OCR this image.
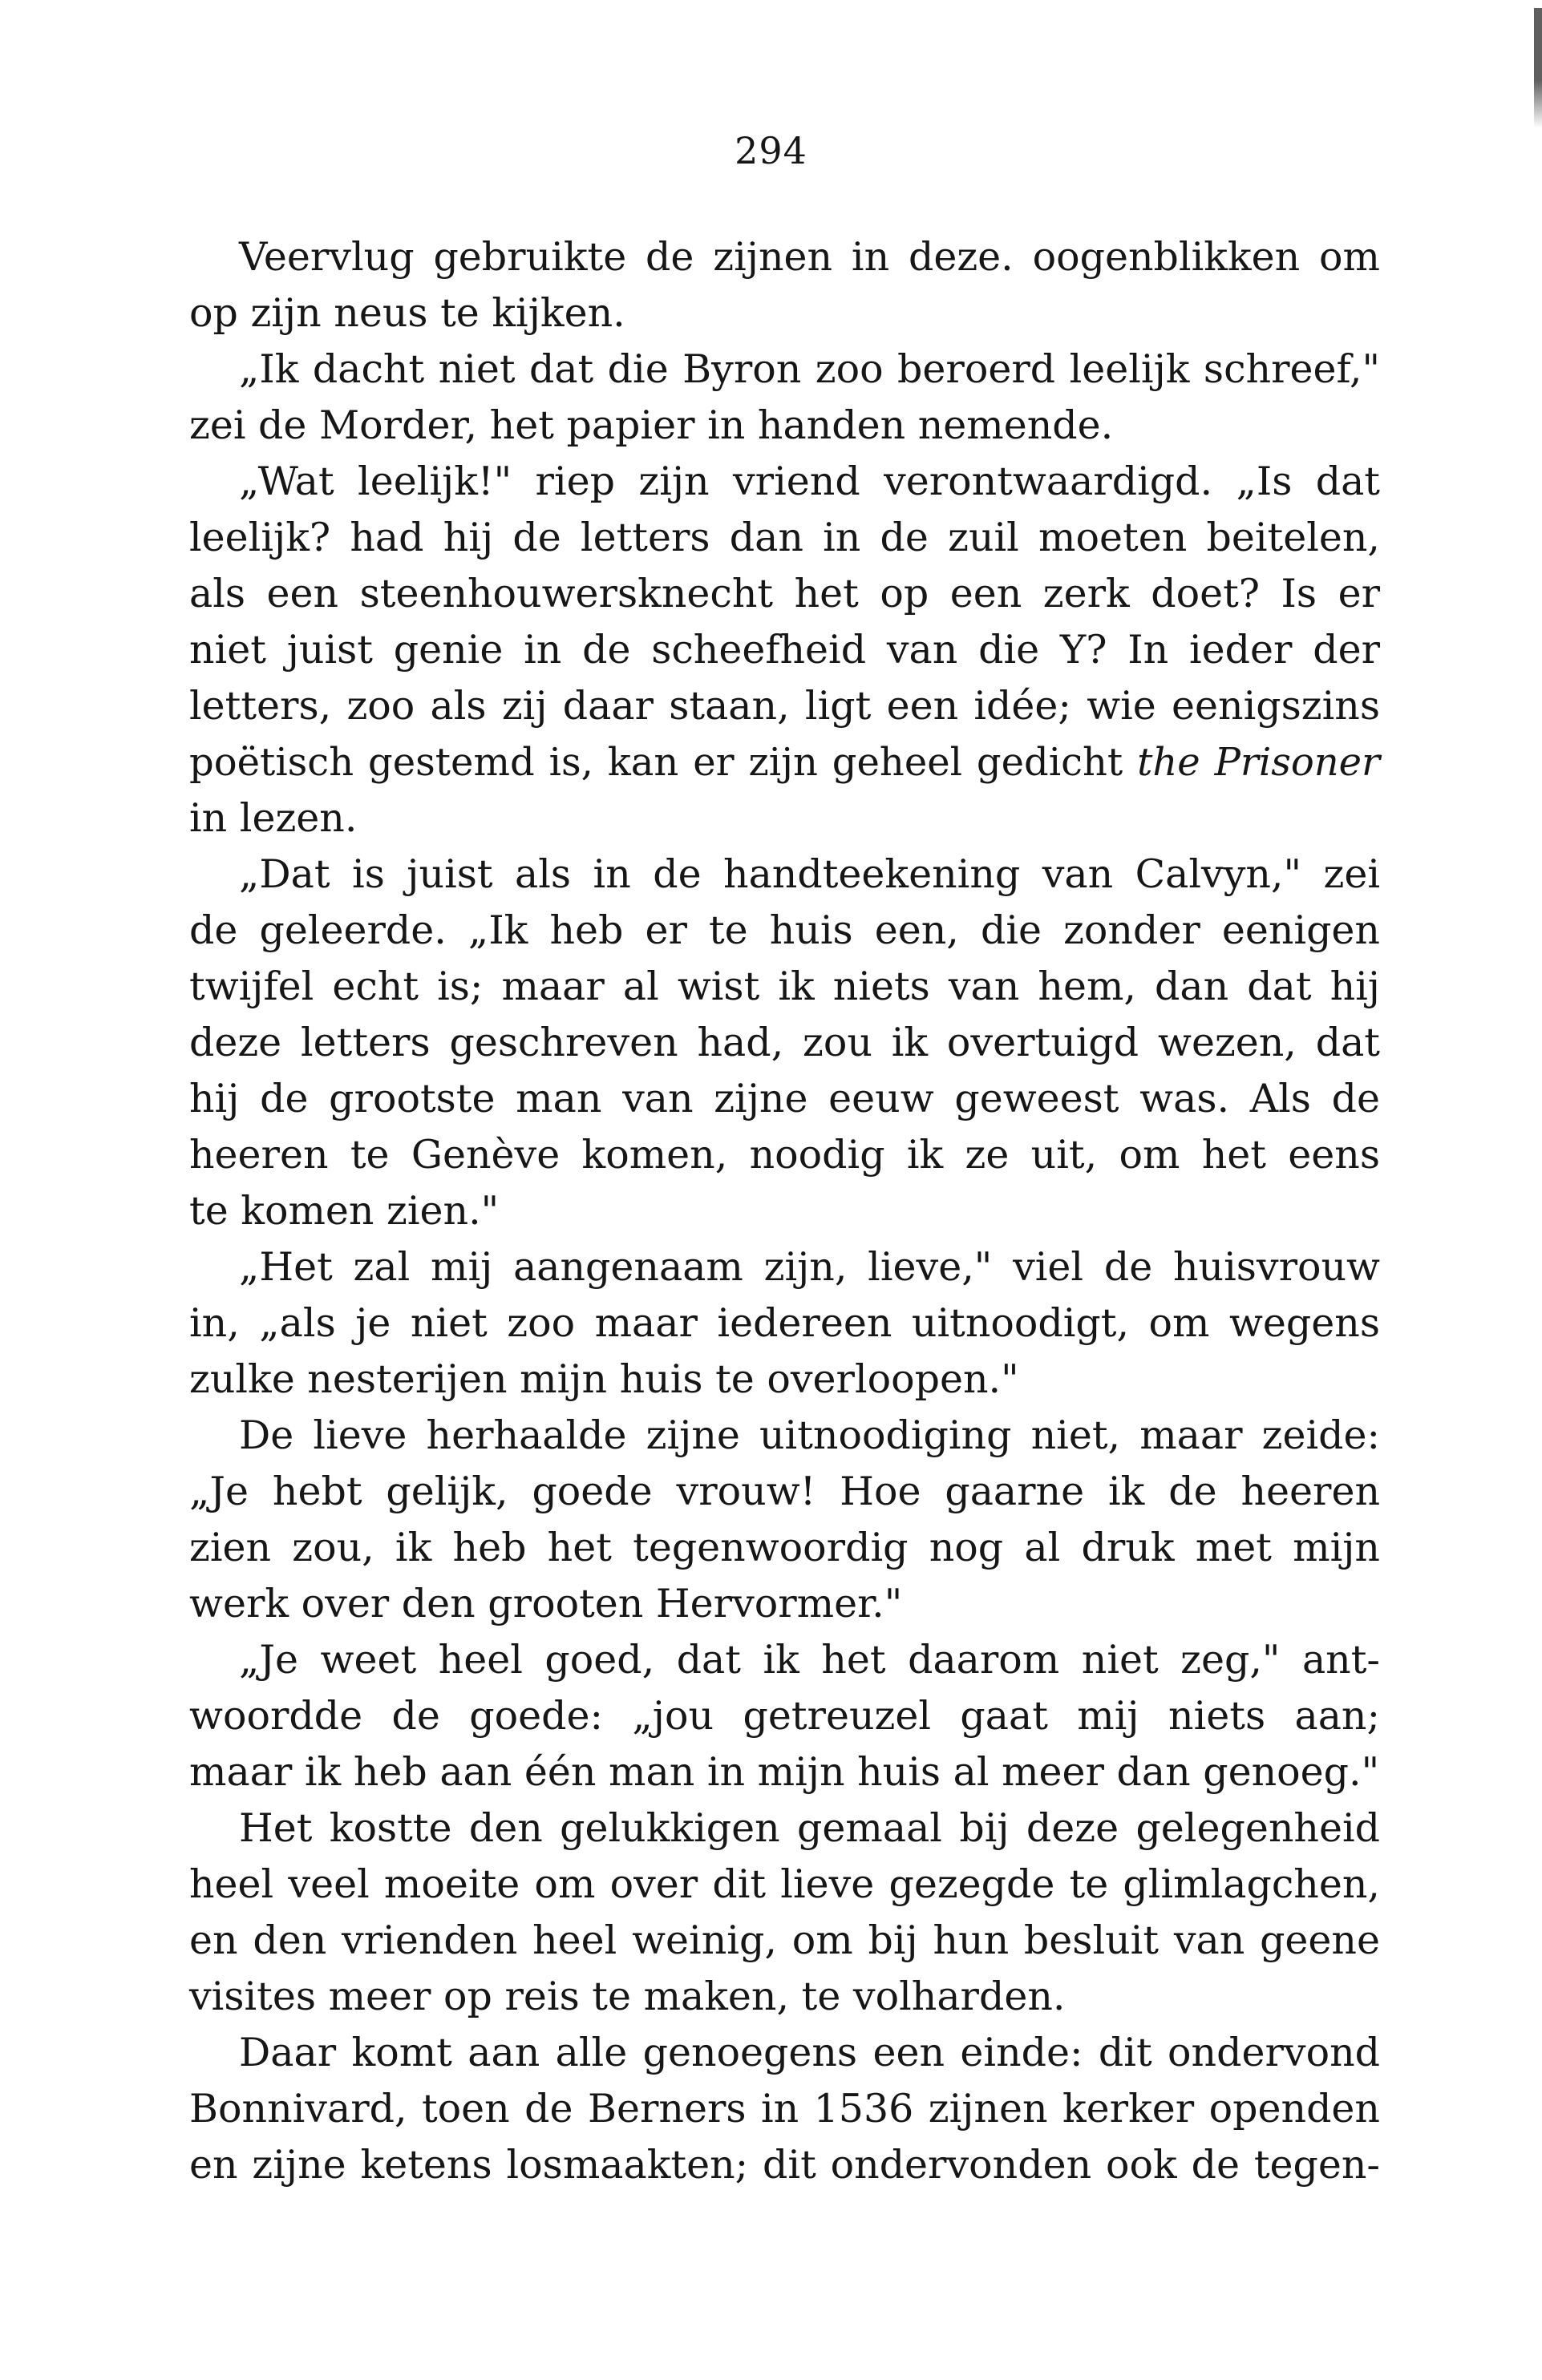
294
Veervlug gebruikte de zijnen in deze. oogenblikken om
op zijn neus te kijken.
„Ik dacht niet dat die Byron zoo beroerd leelijk schreef,"
zei de Morder, het papier in handen nemende.
„Wat leelijk!" riep zijn vriend verontwaardigd. „Is dat
leelijk? had hij de letters dan in de zuil moeten beitelen,
als een steenhouwersknecht het op een zerk doet? Is er
niet juist genie in de scheefheid van die Y? In ieder der
letters, zoo als zij daar staan, ligt een idée; wie eenigszins
poëtisch gestemd is, kan er zijn geheel gedicht the Prisoner
in lezen.
„Dat is juist als in de handteekening van Calvyn," zei
de geleerde. „Ik heb er te huis een, die zonder eenigen
twijfel echt is; maar al wist ik niets van hem, dan dat hij
deze letters geschreven had, zou ik overtuigd wezen, dat
hij de grootste man van zijne eeuw geweest was. Als de
heeren te Genève komen, noodig ik ze uit, om het eens
te komen zien."
„Het zal mij aangenaam zijn, lieve," viel de huisvrouw
in, „als je niet zoo maar iedereen uitnoodigt, om wegens
zulke nesterijen mijn huis te overloopen."
De lieve herhaalde zijne uitnoodiging niet, maar zeide:
„Je hebt gelijk, goede vrouw! Hoe gaarne ik de heeren
zien zou, ik heb het tegenwoordig nog al druk met mijn
werk over den grooten Hervormer."
„Je weet heel goed, dat ik het daarom niet zeg," ant-
woordde de goede: „jou getreuzel gaat mij niets aan;
maar ik heb aan één man in mijn huis al meer dan genoeg."
Het kostte den gelukkigen gemaal bij deze gelegenheid
heel veel moeite om over dit lieve gezegde te glimlagchen,
en den vrienden heel weinig, om bij hun besluit van geene
visites meer op reis te maken, te volharden.
Daar komt aan alle genoegens een einde: dit ondervond
Bonnivard, toen de Berners in 1536 zijnen kerker openden
en zijne ketens losmaakten; dit ondervonden ook de tegen-
